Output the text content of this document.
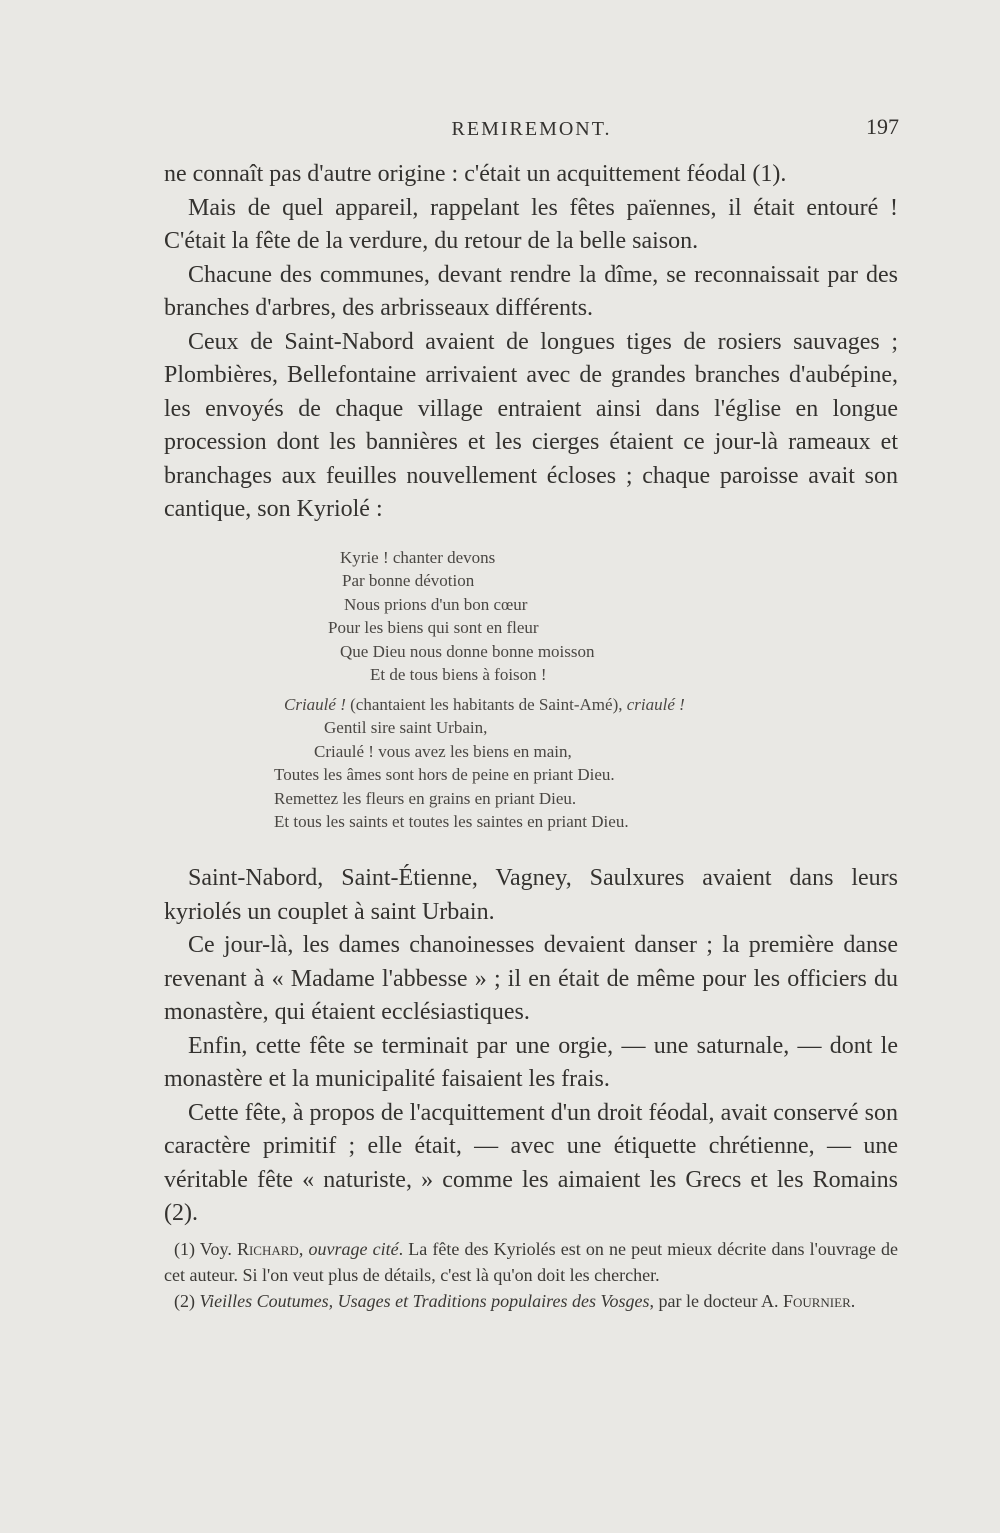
REMIREMONT.	197

ne connaît pas d'autre origine : c'était un acquittement féodal (1).

Mais de quel appareil, rappelant les fêtes païennes, il était entouré ! C'était la fête de la verdure, du retour de la belle saison.

Chacune des communes, devant rendre la dîme, se reconnaissait par des branches d'arbres, des arbrisseaux différents.

Ceux de Saint-Nabord avaient de longues tiges de rosiers sauvages ; Plombières, Bellefontaine arrivaient avec de grandes branches d'aubépine, les envoyés de chaque village entraient ainsi dans l'église en longue procession dont les bannières et les cierges étaient ce jour-là rameaux et branchages aux feuilles nouvellement écloses ; chaque paroisse avait son cantique, son Kyriolé :

Kyrie ! chanter devons
Par bonne dévotion
Nous prions d'un bon cœur
Pour les biens qui sont en fleur
Que Dieu nous donne bonne moisson
Et de tous biens à foison !
Criaulé ! (chantaient les habitants de Saint-Amé), criaulé !
Gentil sire saint Urbain,
Criaulé ! vous avez les biens en main,
Toutes les âmes sont hors de peine en priant Dieu.
Remettez les fleurs en grains en priant Dieu.
Et tous les saints et toutes les saintes en priant Dieu.

Saint-Nabord, Saint-Étienne, Vagney, Saulxures avaient dans leurs kyriolés un couplet à saint Urbain.

Ce jour-là, les dames chanoinesses devaient danser ; la première danse revenant à « Madame l'abbesse » ; il en était de même pour les officiers du monastère, qui étaient ecclésiastiques.

Enfin, cette fête se terminait par une orgie, — une saturnale, — dont le monastère et la municipalité faisaient les frais.

Cette fête, à propos de l'acquittement d'un droit féodal, avait conservé son caractère primitif ; elle était, — avec une étiquette chrétienne, — une véritable fête « naturiste, » comme les aimaient les Grecs et les Romains (2).

(1) Voy. Richard, ouvrage cité. La fête des Kyriolés est on ne peut mieux décrite dans l'ouvrage de cet auteur. Si l'on veut plus de détails, c'est là qu'on doit les chercher.

(2) Vieilles Coutumes, Usages et Traditions populaires des Vosges, par le docteur A. Fournier.
